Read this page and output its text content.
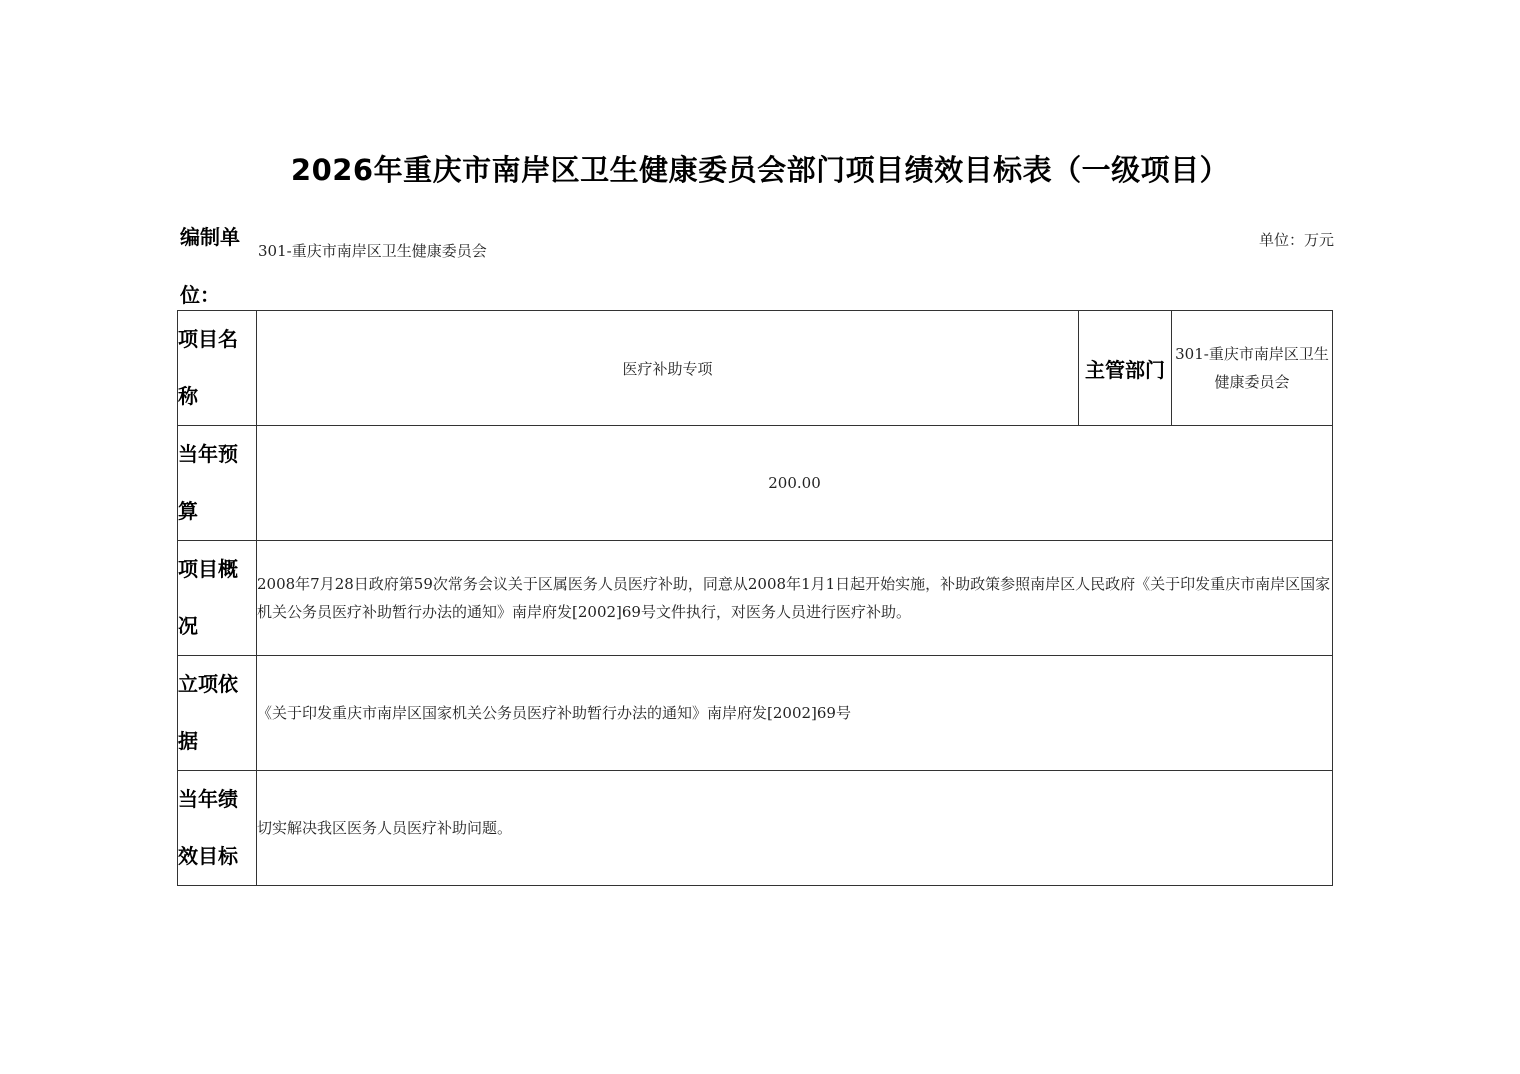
2026年重庆市南岸区卫生健康委员会部门项目绩效目标表（一级项目）
编制单位：
301-重庆市南岸区卫生健康委员会
单位：万元
项目名称	医疗补助专项	主管部门	301-重庆市南岸区卫生健康委员会
当年预算	200.00		
项目概况	2008年7月28日政府第59次常务会议关于区属医务人员医疗补助，同意从2008年1月1日起开始实施，补助政策参照南岸区人民政府《关于印发重庆市南岸区国家机关公务员医疗补助暂行办法的通知》南岸府发[2002]69号文件执行，对医务人员进行医疗补助。		
立项依据	《关于印发重庆市南岸区国家机关公务员医疗补助暂行办法的通知》南岸府发[2002]69号		
当年绩效目标	切实解决我区医务人员医疗补助问题。		
